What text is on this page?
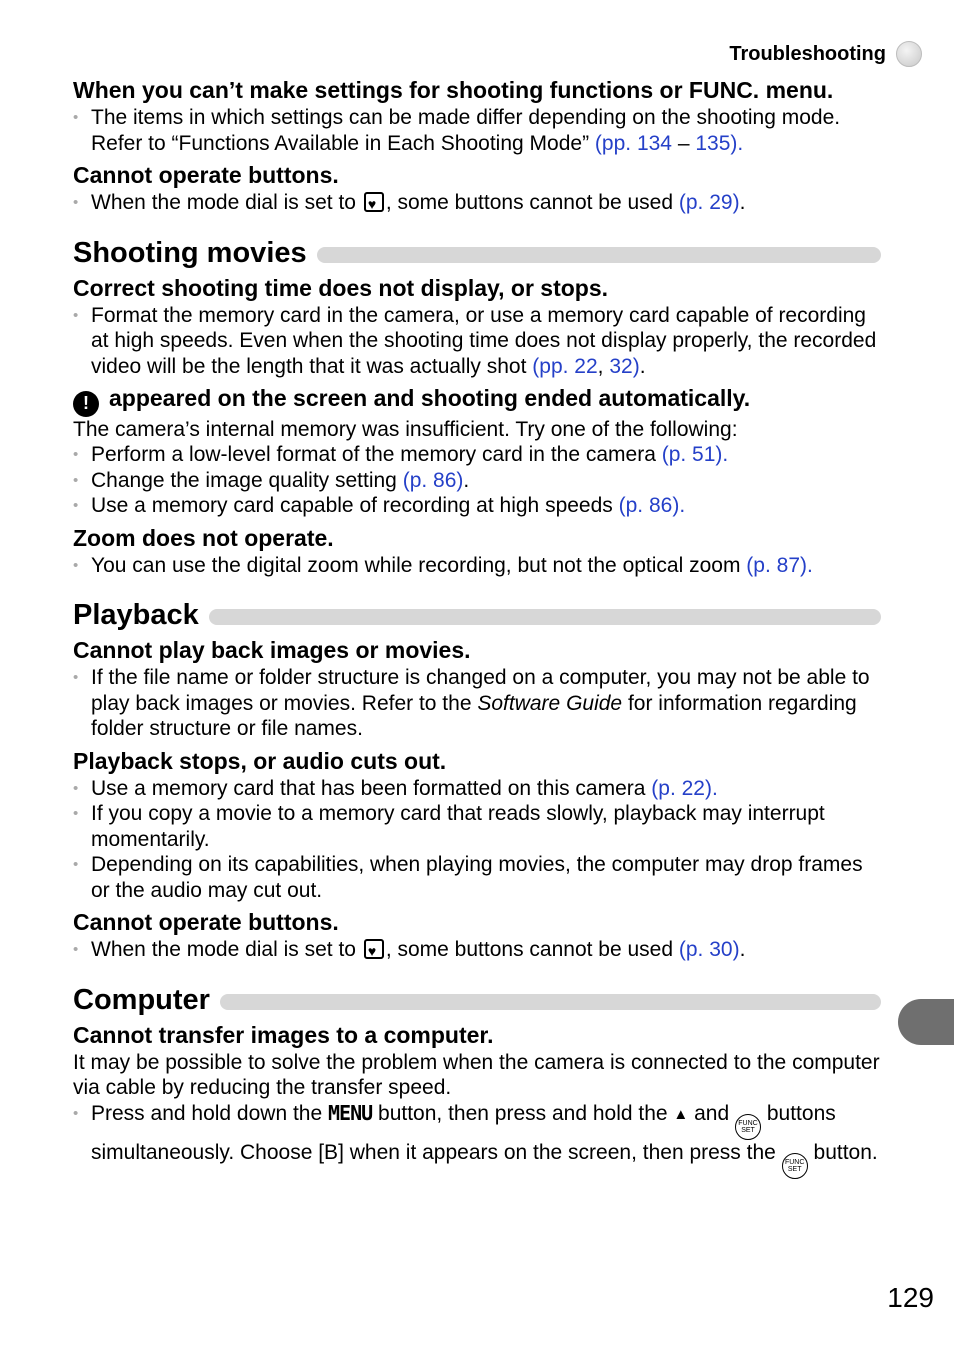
Troubleshooting
When you can’t make settings for shooting functions or FUNC. menu.
• The items in which settings can be made differ depending on the shooting mode. Refer to “Functions Available in Each Shooting Mode” (pp. 134 – 135).
Cannot operate buttons.
• When the mode dial is set to ♥ , some buttons cannot be used (p. 29).
Shooting movies
Correct shooting time does not display, or stops.
• Format the memory card in the camera, or use a memory card capable of recording at high speeds. Even when the shooting time does not display properly, the recorded video will be the length that it was actually shot (pp. 22, 32).
! appeared on the screen and shooting ended automatically.

The camera’s internal memory was insufficient. Try one of the following:

• Perform a low-level format of the memory card in the camera (p. 51).
• Change the image quality setting (p. 86).
• Use a memory card capable of recording at high speeds (p. 86).
Zoom does not operate.
• You can use the digital zoom while recording, but not the optical zoom (p. 87).
Playback
Cannot play back images or movies.
• If the file name or folder structure is changed on a computer, you may not be able to play back images or movies. Refer to the Software Guide for information regarding folder structure or file names.
Playback stops, or audio cuts out.
• Use a memory card that has been formatted on this camera (p. 22).
• If you copy a movie to a memory card that reads slowly, playback may interrupt momentarily.
• Depending on its capabilities, when playing movies, the computer may drop frames or the audio may cut out.
Cannot operate buttons.
• When the mode dial is set to ♥ , some buttons cannot be used (p. 30).
Computer
Cannot transfer images to a computer.

It may be possible to solve the problem when the camera is connected to the computer via cable by reducing the transfer speed.

• Press and hold down the MENU button, then press and hold the ▲ and FUNC
SET
buttons simultaneously. Choose [B] when it appears on the screen, then press the FUNC
SET
button.
129
